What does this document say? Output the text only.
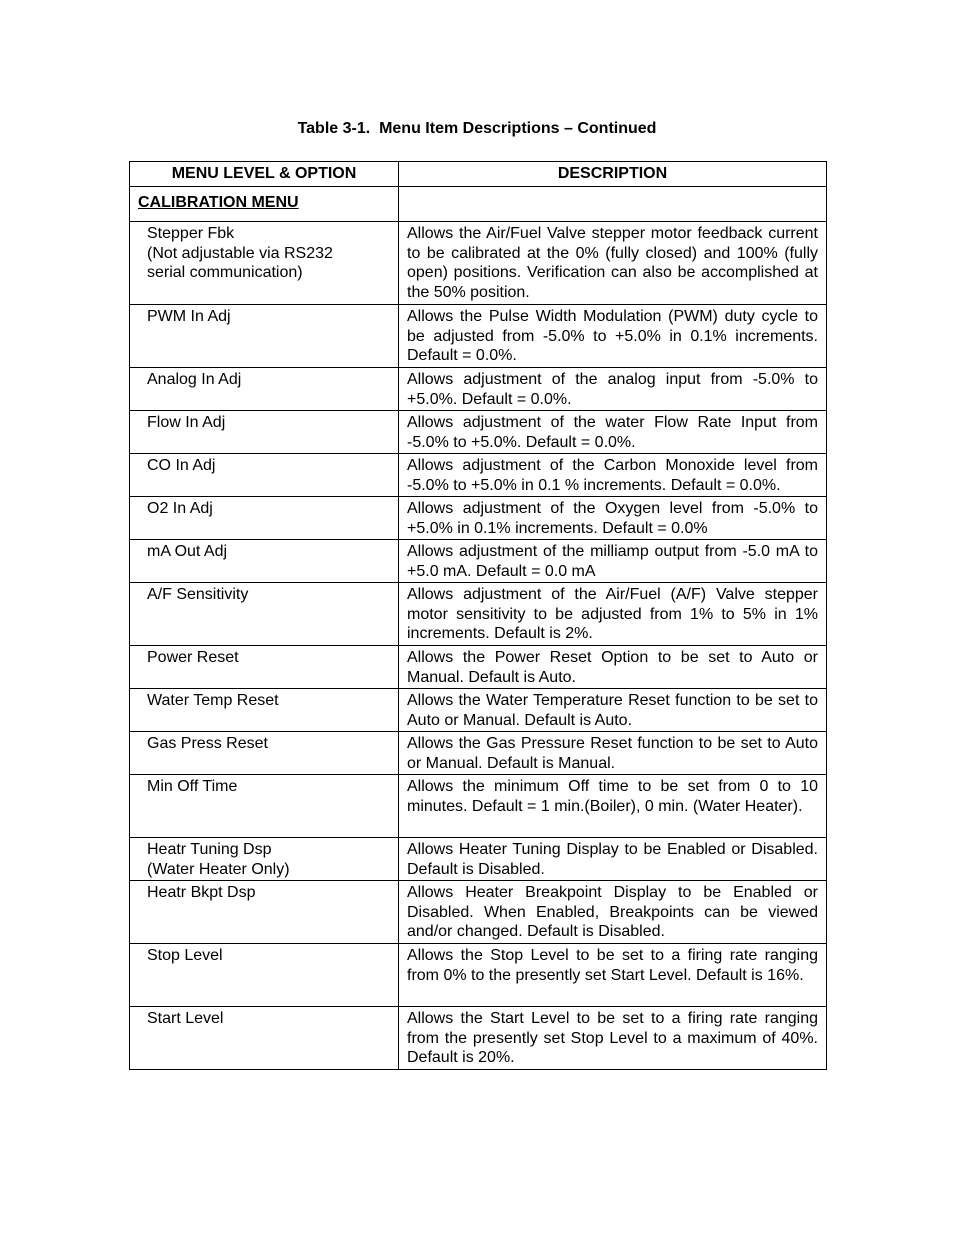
Table 3-1.  Menu Item Descriptions – Continued
MENU LEVEL & OPTION	DESCRIPTION
CALIBRATION MENU	

Stepper Fbk
(Not adjustable via RS232
serial communication)	Allows the Air/Fuel Valve stepper motor feedback current to be calibrated at the 0% (fully closed) and 100% (fully open) positions. Verification can also be accomplished at the 50% position.

PWM In Adj	Allows the Pulse Width Modulation (PWM) duty cycle to be adjusted from -5.0% to +5.0% in 0.1% increments. Default = 0.0%.

Analog In Adj	Allows adjustment of the analog input from -5.0% to +5.0%. Default = 0.0%.

Flow In Adj	Allows adjustment of the water Flow Rate Input from -5.0% to +5.0%. Default = 0.0%.

CO In Adj	Allows adjustment of the Carbon Monoxide level from -5.0% to +5.0% in 0.1 % increments. Default = 0.0%.

O2 In Adj	Allows adjustment of the Oxygen level from -5.0% to +5.0% in 0.1% increments. Default = 0.0%

mA Out Adj	Allows adjustment of the milliamp output from -5.0 mA to +5.0 mA. Default = 0.0 mA

A/F Sensitivity	Allows adjustment of the Air/Fuel (A/F) Valve stepper motor sensitivity to be adjusted from 1% to 5% in 1% increments. Default is 2%.

Power Reset	Allows the Power Reset Option to be set to Auto or Manual. Default is Auto.

Water Temp Reset	Allows the Water Temperature Reset function to be set to Auto or Manual. Default is Auto.

Gas Press Reset	Allows the Gas Pressure Reset function to be set to Auto or Manual. Default is Manual.

Min Off Time	Allows the minimum Off time to be set from 0 to 10 minutes. Default = 1 min.(Boiler), 0 min. (Water Heater).

Heatr Tuning Dsp
(Water Heater Only)	Allows Heater Tuning Display to be Enabled or Disabled. Default is Disabled.

Heatr Bkpt Dsp	Allows Heater Breakpoint Display to be Enabled or Disabled. When Enabled, Breakpoints can be viewed and/or changed. Default is Disabled.

Stop Level	Allows the Stop Level to be set to a firing rate ranging from 0% to the presently set Start Level. Default is 16%.

Start Level	Allows the Start Level to be set to a firing rate ranging from the presently set Stop Level to a maximum of 40%. Default is 20%.
